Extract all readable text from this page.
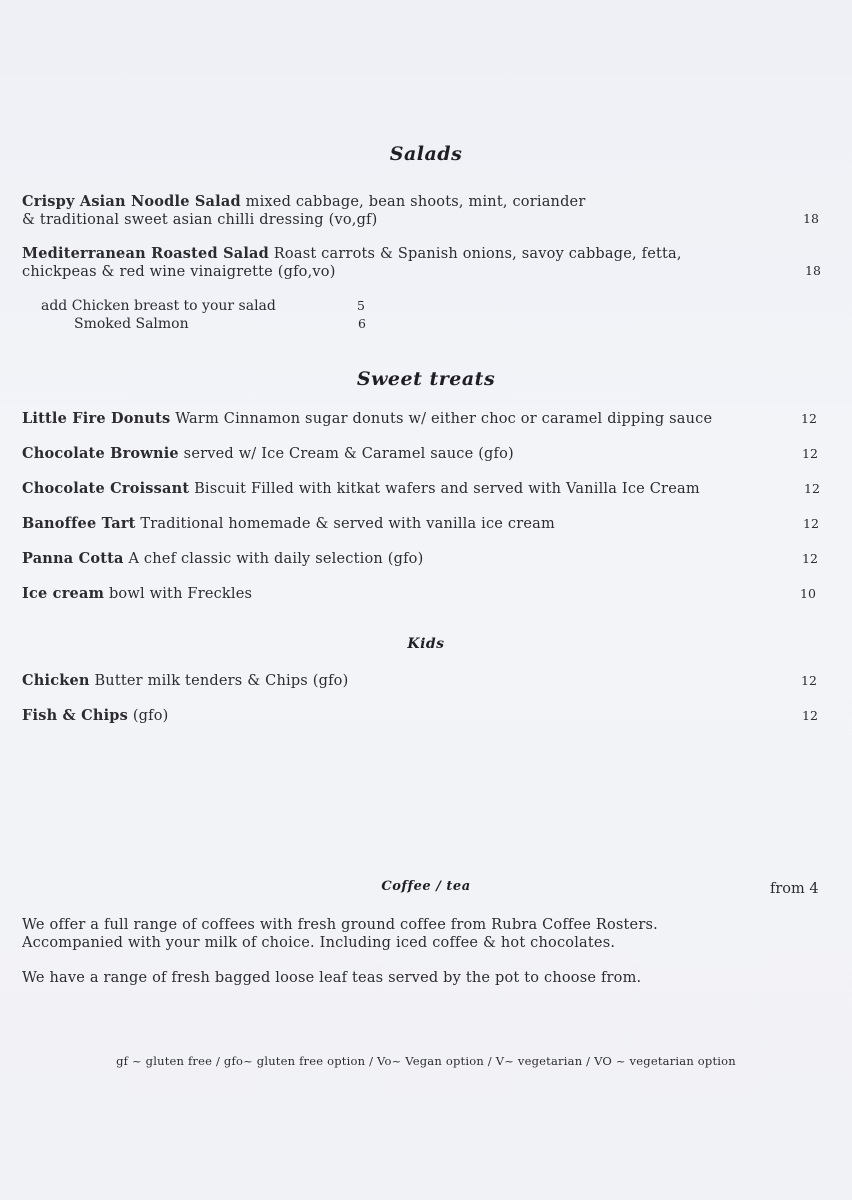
Salads
Crispy Asian Noodle Salad mixed cabbage, bean shoots, mint, coriander
& traditional sweet asian chilli dressing (vo,gf)	18
Mediterranean Roasted Salad Roast carrots & Spanish onions, savoy cabbage, fetta,
chickpeas & red wine vinaigrette (gfo,vo)	18
add Chicken breast to your salad	5
Smoked Salmon	6
Sweet treats
Little Fire Donuts Warm Cinnamon sugar donuts w/ either choc or caramel dipping sauce	12
Chocolate Brownie served w/ Ice Cream & Caramel sauce (gfo)	12
Chocolate Croissant Biscuit Filled with kitkat wafers and served with Vanilla Ice Cream	12
Banoffee Tart Traditional homemade & served with vanilla ice cream	12
Panna Cotta A chef classic with daily selection (gfo)	12
Ice cream bowl with Freckles	10
Kids
Chicken Butter milk tenders & Chips (gfo)	12
Fish & Chips (gfo)	12
Coffee / tea	from 4
We offer a full range of coffees with fresh ground coffee from Rubra Coffee Rosters.
Accompanied with your milk of choice. Including iced coffee & hot chocolates.
We have a range of fresh bagged loose leaf teas served by the pot to choose from.
gf ~ gluten free / gfo~ gluten free option / Vo~ Vegan option / V~ vegetarian / VO ~ vegetarian option
